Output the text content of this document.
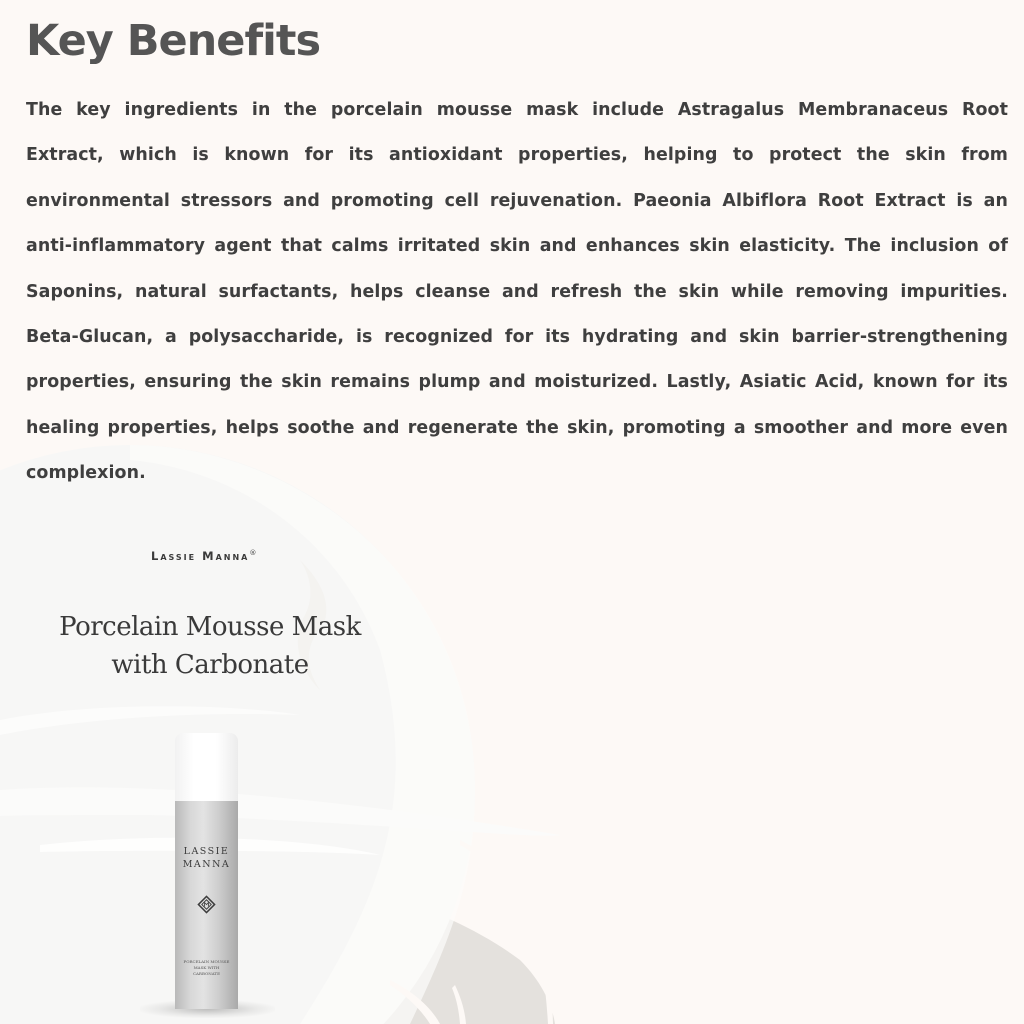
Key Benefits

The key ingredients in the porcelain mousse mask include Astragalus Membranaceus Root Extract, which is known for its antioxidant properties, helping to protect the skin from environmental stressors and promoting cell rejuvenation. Paeonia Albiflora Root Extract is an anti-inflammatory agent that calms irritated skin and enhances skin elasticity. The inclusion of Saponins, natural surfactants, helps cleanse and refresh the skin while removing impurities. Beta-Glucan, a polysaccharide, is recognized for its hydrating and skin barrier-strengthening properties, ensuring the skin remains plump and moisturized. Lastly, Asiatic Acid, known for its healing properties, helps soothe and regenerate the skin, promoting a smoother and more even complexion.

Lassie Manna®
Porcelain Mousse Mask
with Carbonate
LASSIE
MANNA
PORCELAIN MOUSSE
MASK WITH
CARBONATE
